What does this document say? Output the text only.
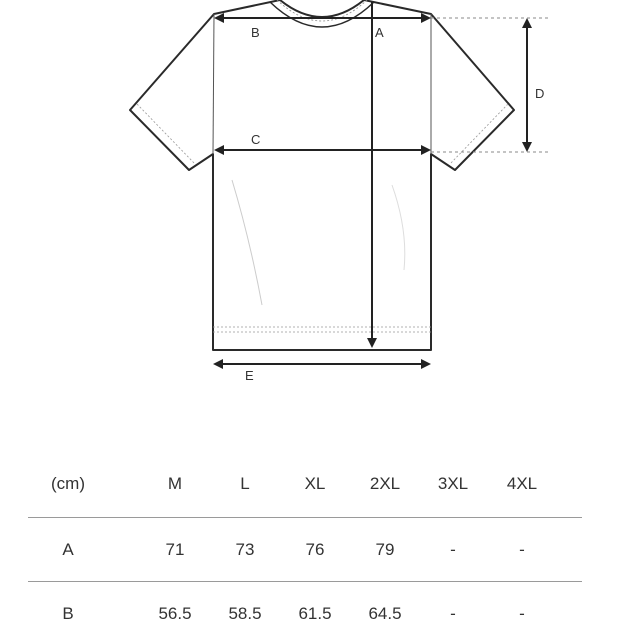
B	A
D
C
E
(cm)	M	L	XL	2XL	3XL	4XL
A	71	73	76	79	-	-
B	56.5	58.5	61.5	64.5	-	-
